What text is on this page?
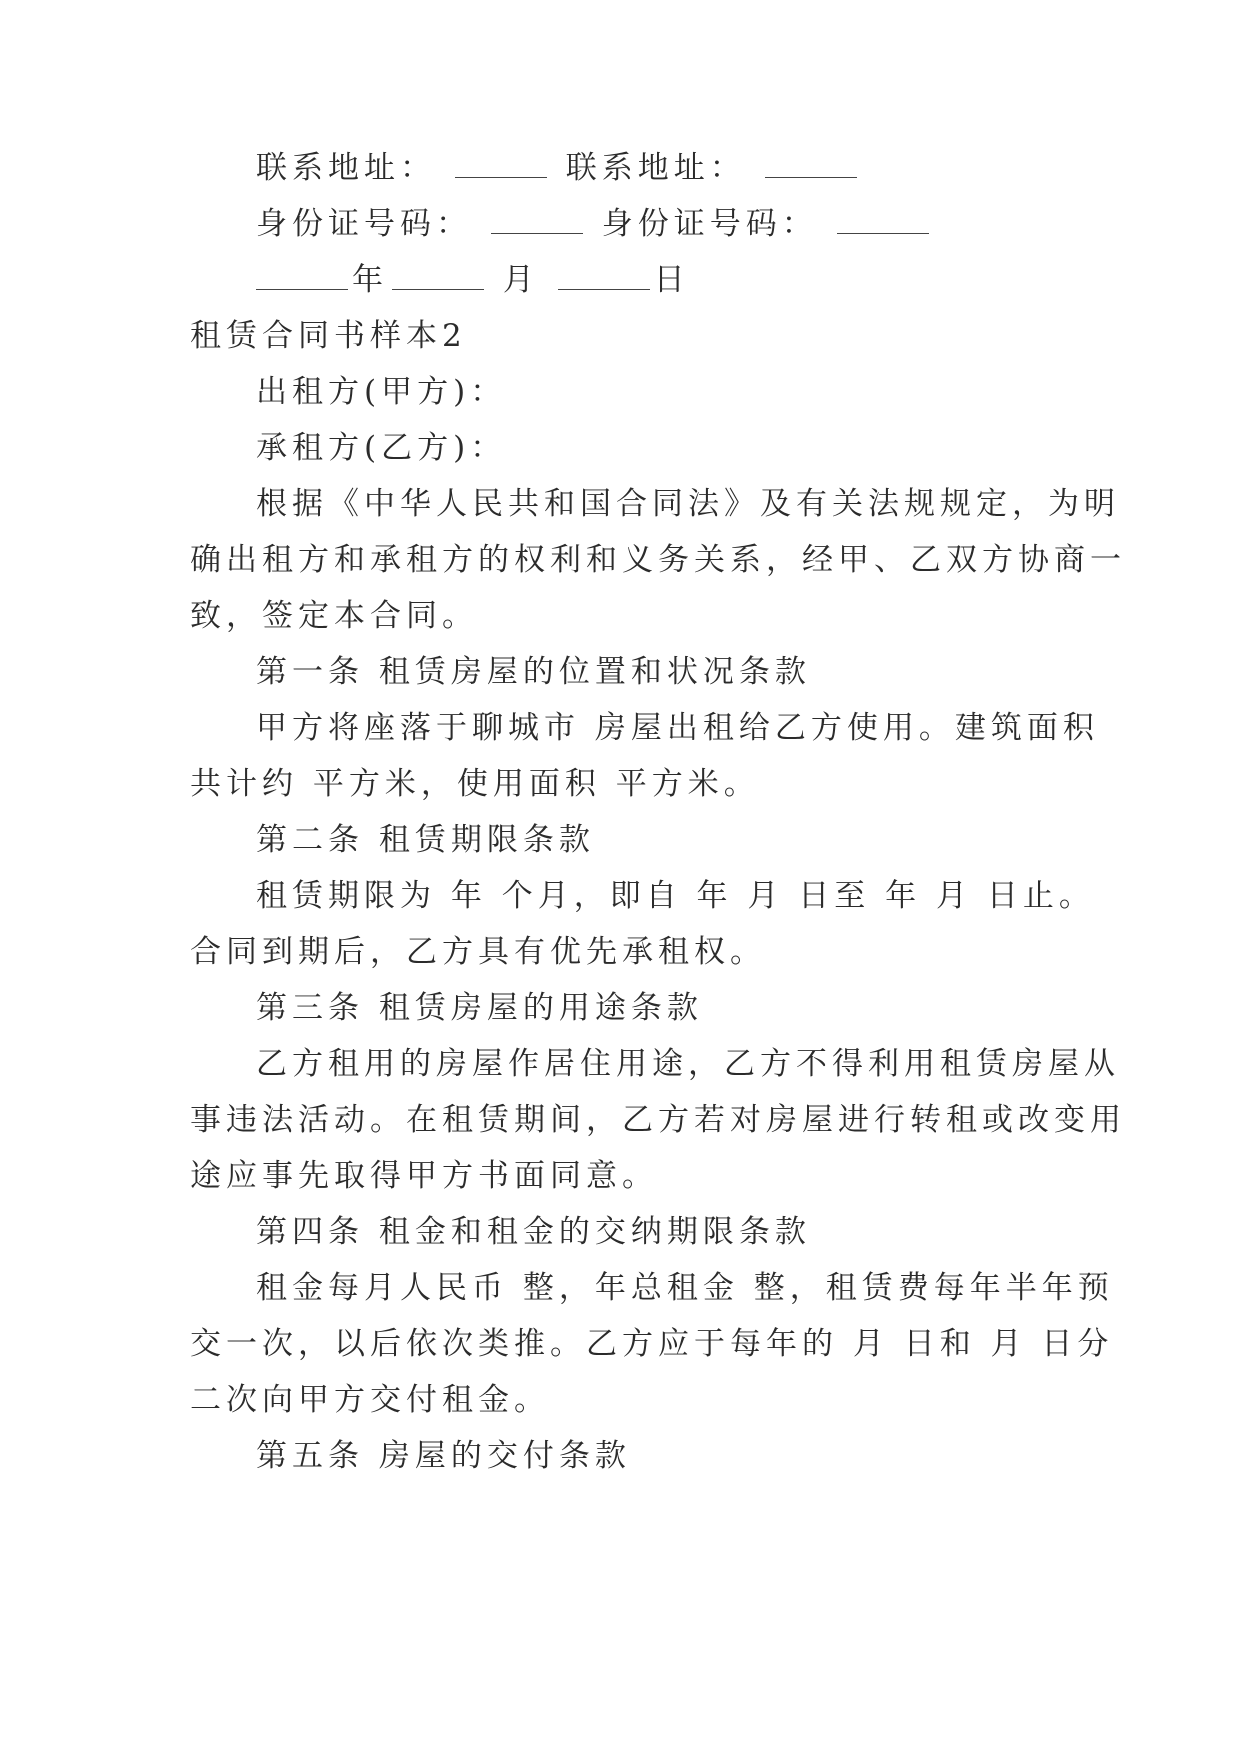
联系地址：	联系地址：
身份证号码：	身份证号码：
年	月	日
租赁合同书样本2
出租方(甲方)：
承租方(乙方)：
根据《中华人民共和国合同法》及有关法规规定，为明
确出租方和承租方的权利和义务关系，经甲、乙双方协商一
致，签定本合同。
第一条 租赁房屋的位置和状况条款
甲方将座落于聊城市 房屋出租给乙方使用。建筑面积
共计约 平方米，使用面积 平方米。
第二条 租赁期限条款
租赁期限为 年 个月，即自 年 月 日至 年 月 日止。
合同到期后，乙方具有优先承租权。
第三条 租赁房屋的用途条款
乙方租用的房屋作居住用途，乙方不得利用租赁房屋从
事违法活动。在租赁期间，乙方若对房屋进行转租或改变用
途应事先取得甲方书面同意。
第四条 租金和租金的交纳期限条款
租金每月人民币 整，年总租金 整，租赁费每年半年预
交一次，以后依次类推。乙方应于每年的 月 日和 月 日分
二次向甲方交付租金。
第五条 房屋的交付条款
